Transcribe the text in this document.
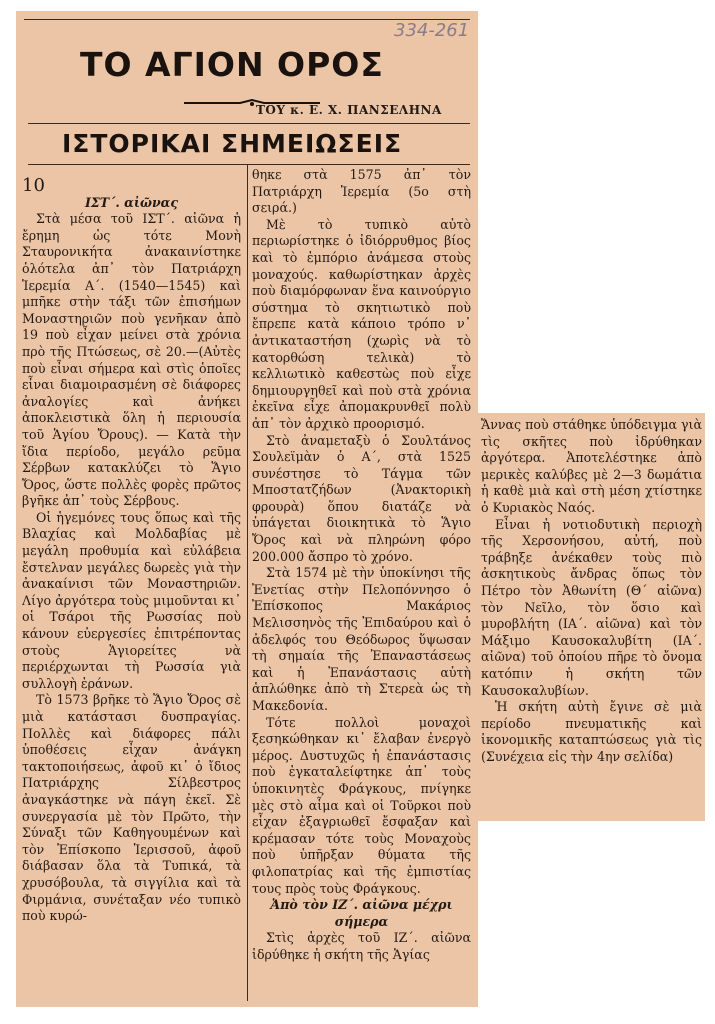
334-261
ΤΟ ΑΓΙΟΝ ΟΡΟΣ
ΤΟΥ κ. Ε. Χ. ΠΑΝΣΕΛΗΝΑ
ΙΣΤΟΡΙΚΑΙ ΣΗΜΕΙΩΣΕΙΣ

10

ΙΣΤ΄. αἰῶνας

Στὰ μέσα τοῦ ΙΣΤ΄. αἰῶνα ἡ ἔρημη ὡς τότε Μονὴ Σταυρονικήτα ἀνακαινίστηκε ὁλότελα ἀπ᾿ τὸν Πατριάρχη Ἱερεμία Α΄. (1540—1545) καὶ μπῆκε στὴν τάξι τῶν ἐπισήμων Μοναστηριῶν ποὺ γενῆκαν ἀπὸ 19 ποὺ εἶχαν μείνει στὰ χρόνια πρὸ τῆς Πτώσεως, σὲ 20.—(Αὐτὲς ποὺ εἶναι σήμερα καὶ στὶς ὁποῖες εἶναι διαμοιρασμένη σὲ διάφορες ἀναλογίες καὶ ἀνήκει ἀποκλειστικὰ ὅλη ἡ περιουσία τοῦ Ἁγίου Ὄρους). — Κατὰ τὴν ἴδια περίοδο, μεγάλο ρεῦμα Σέρβων κατακλύζει τὸ Ἅγιο Ὄρος, ὥστε πολλὲς φορὲς πρῶτος βγῆκε ἀπ᾿ τοὺς Σέρβους.

Οἱ ἡγεμόνες τους ὅπως καὶ τῆς Βλαχίας καὶ Μολδαβίας μὲ μεγάλη προθυμία καὶ εὐλάβεια ἔστελναν μεγάλες δωρεὲς γιὰ τὴν ἀνακαίνισι τῶν Μοναστηριῶν. Λίγο ἀργότερα τοὺς μιμοῦνται κι᾿ οἱ Τσάροι τῆς Ρωσσίας ποὺ κάνουν εὐεργεσίες ἐπιτρέποντας στοὺς Ἁγιορείτες νὰ περιέρχωνται τὴ Ρωσσία γιὰ συλλογὴ ἐράνων.

Τὸ 1573 βρῆκε τὸ Ἅγιο Ὄρος σὲ μιὰ κατάστασι δυσπραγίας. Πολλὲς καὶ διάφορες πάλι ὑποθέσεις εἶχαν ἀνάγκη τακτοποιήσεως, ἀφοῦ κι᾿ ὁ ἴδιος Πατριάρχης Σίλβεστρος ἀναγκάστηκε νὰ πάγη ἐκεῖ. Σὲ συνεργασία μὲ τὸν Πρῶτο, τὴν Σύναξι τῶν Καθηγουμένων καὶ τὸν Ἐπίσκοπο Ἱερισσοῦ, ἀφοῦ διάβασαν ὅλα τὰ Τυπικά, τὰ χρυσόβουλα, τὰ σιγγίλια καὶ τὰ Φιρμάνια, συνέταξαν νέο τυπικὸ ποὺ κυρώ-

θηκε στὰ 1575 ἀπ᾿ τὸν Πατριάρχη Ἱερεμία (5ο στὴ σειρά.)

Μὲ τὸ τυπικὸ αὐτὸ περιωρίστηκε ὁ ἰδιόρρυθμος βίος καὶ τὸ ἐμπόριο ἀνάμεσα στοὺς μοναχούς. καθωρίστηκαν ἀρχὲς ποὺ διαμόρφωναν ἕνα καινούργιο σύστημα τὸ σκητιωτικὸ ποὺ ἔπρεπε κατὰ κάποιο τρόπο ν᾿ ἀντικαταστήση (χωρὶς νὰ τὸ κατορθώση τελικὰ) τὸ κελλιωτικὸ καθεστὼς ποὺ εἶχε δημιουργηθεῖ καὶ ποὺ στὰ χρόνια ἐκεῖνα εἶχε ἀπομακρυνθεῖ πολὺ ἀπ᾿ τὸν ἀρχικὸ προορισμό.

Στὸ ἀναμεταξὺ ὁ Σουλτάνος Σουλεϊμὰν ὁ Α΄, στὰ 1525 συνέστησε τὸ Τάγμα τῶν Μποστατζήδων (Ἀνακτορικὴ φρουρὰ) ὅπου διατάζε νὰ ὑπάγεται διοικητικὰ τὸ Ἅγιο Ὄρος καὶ νὰ πληρώνη φόρο 200.000 ἄσπρο τὸ χρόνο.

Στὰ 1574 μὲ τὴν ὑποκίνησι τῆς Ἐνετίας στὴν Πελοπόννησο ὁ Ἐπίσκοπος Μακάριος Μελισσηνὸς τῆς Ἐπιδαύρου καὶ ὁ ἀδελφός του Θεόδωρος ὕψωσαν τὴ σημαία τῆς Ἐπαναστάσεως καὶ ἡ Ἐπανάστασις αὐτὴ ἁπλώθηκε ἀπὸ τὴ Στερεὰ ὡς τὴ Μακεδονία.

Τότε πολλοὶ μοναχοὶ ξεσηκώθηκαν κι᾿ ἔλαβαν ἐνεργὸ μέρος. Δυστυχῶς ἡ ἐπανάστασις ποὺ ἐγκαταλείφτηκε ἀπ᾿ τοὺς ὑποκινητὲς Φράγκους, πνίγηκε μὲς στὸ αἷμα καὶ οἱ Τοῦρκοι ποὺ εἶχαν ἐξαγριωθεῖ ἔσφαξαν καὶ κρέμασαν τότε τοὺς Μοναχοὺς ποὺ ὑπῆρξαν θύματα τῆς φιλοπατρίας καὶ τῆς ἐμπιστίας τους πρὸς τοὺς Φράγκους.

Ἀπὸ τὸν ΙΖ΄. αἰῶνα μέχρι σήμερα

Στὶς ἀρχὲς τοῦ ΙΖ΄. αἰῶνα ἱδρύθηκε ἡ σκήτη τῆς Ἁγίας

Ἄννας ποὺ στάθηκε ὑπόδειγμα γιὰ τὶς σκῆτες ποὺ ἱδρύθηκαν ἀργότερα. Ἀποτελέστηκε ἀπὸ μερικὲς καλύβες μὲ 2—3 δωμάτια ἡ καθὲ μιὰ καὶ στὴ μέση χτίστηκε ὁ Κυριακὸς Ναός.

Εἶναι ἡ νοτιοδυτικὴ περιοχὴ τῆς Χερσονήσου, αὐτή, ποὺ τράβηξε ἀνέκαθεν τοὺς πιὸ ἀσκητικοὺς ἄνδρας ὅπως τὸν Πέτρο τὸν Ἀθωνίτη (Θ΄ αἰῶνα) τὸν Νεῖλο, τὸν ὅσιο καὶ μυροβλήτη (ΙΑ΄. αἰῶνα) καὶ τὸν Μάξιμο Καυσοκαλυβίτη (ΙΑ΄. αἰῶνα) τοῦ ὁποίου πῆρε τὸ ὄνομα κατόπιν ἡ σκήτη τῶν Καυσοκαλυβίων.

Ἡ σκήτη αὐτὴ ἔγινε σὲ μιὰ περίοδο πνευματικῆς καὶ ἰκονομικῆς καταπτώσεως γιὰ τὶς (Συνέχεια εἰς τὴν 4ην σελίδα)
